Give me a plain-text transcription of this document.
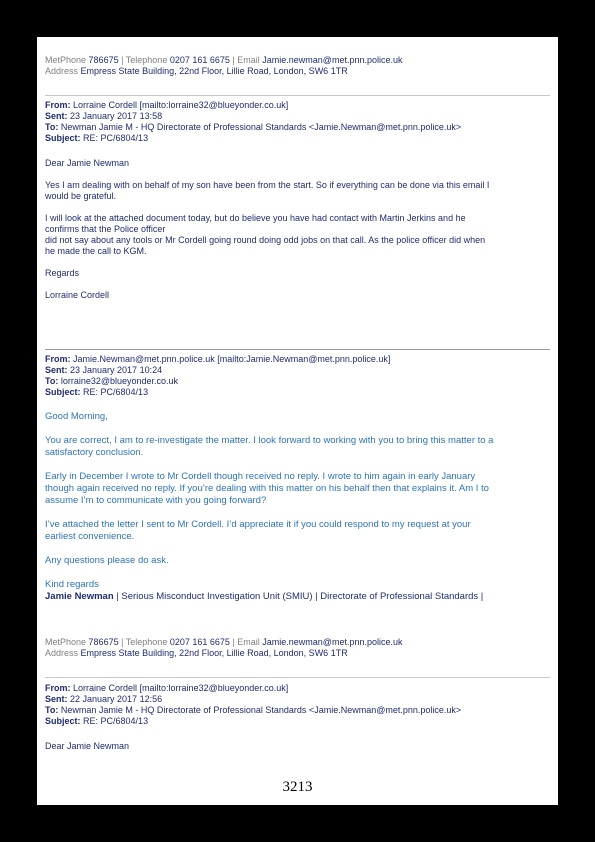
MetPhone 786675 | Telephone 0207 161 6675 | Email Jamie.newman@met.pnn.police.uk

Address Empress State Building, 22nd Floor, Lillie Road, London, SW6 1TR

From: Lorraine Cordell [mailto:lorraine32@blueyonder.co.uk]

Sent: 23 January 2017 13:58

To: Newman Jamie M - HQ Directorate of Professional Standards <Jamie.Newman@met.pnn.police.uk>

Subject: RE: PC/6804/13

Dear Jamie Newman

Yes I am dealing with on behalf of my son have been from the start. So if everything can be done via this email I

would be grateful.

I will look at the attached document today, but do believe you have had contact with Martin Jerkins and he

confirms that the Police officer

did not say about any tools or Mr Cordell going round doing odd jobs on that call. As the police officer did when

he made the call to KGM.

Regards

Lorraine Cordell

From: Jamie.Newman@met.pnn.police.uk [mailto:Jamie.Newman@met.pnn.police.uk]

Sent: 23 January 2017 10:24

To: lorraine32@blueyonder.co.uk

Subject: RE: PC/6804/13

Good Morning,

You are correct, I am to re-investigate the matter. I look forward to working with you to bring this matter to a

satisfactory conclusion.

Early in December I wrote to Mr Cordell though received no reply. I wrote to him again in early January

though again received no reply. If you’re dealing with this matter on his behalf then that explains it. Am I to

assume I’m to communicate with you going forward?

I’ve attached the letter I sent to Mr Cordell. I’d appreciate it if you could respond to my request at your

earliest convenience.

Any questions please do ask.

Kind regards

Jamie Newman | Serious Misconduct Investigation Unit (SMIU) | Directorate of Professional Standards |

MetPhone 786675 | Telephone 0207 161 6675 | Email Jamie.newman@met.pnn.police.uk

Address Empress State Building, 22nd Floor, Lillie Road, London, SW6 1TR

From: Lorraine Cordell [mailto:lorraine32@blueyonder.co.uk]

Sent: 22 January 2017 12:56

To: Newman Jamie M - HQ Directorate of Professional Standards <Jamie.Newman@met.pnn.police.uk>

Subject: RE: PC/6804/13

Dear Jamie Newman

3213
